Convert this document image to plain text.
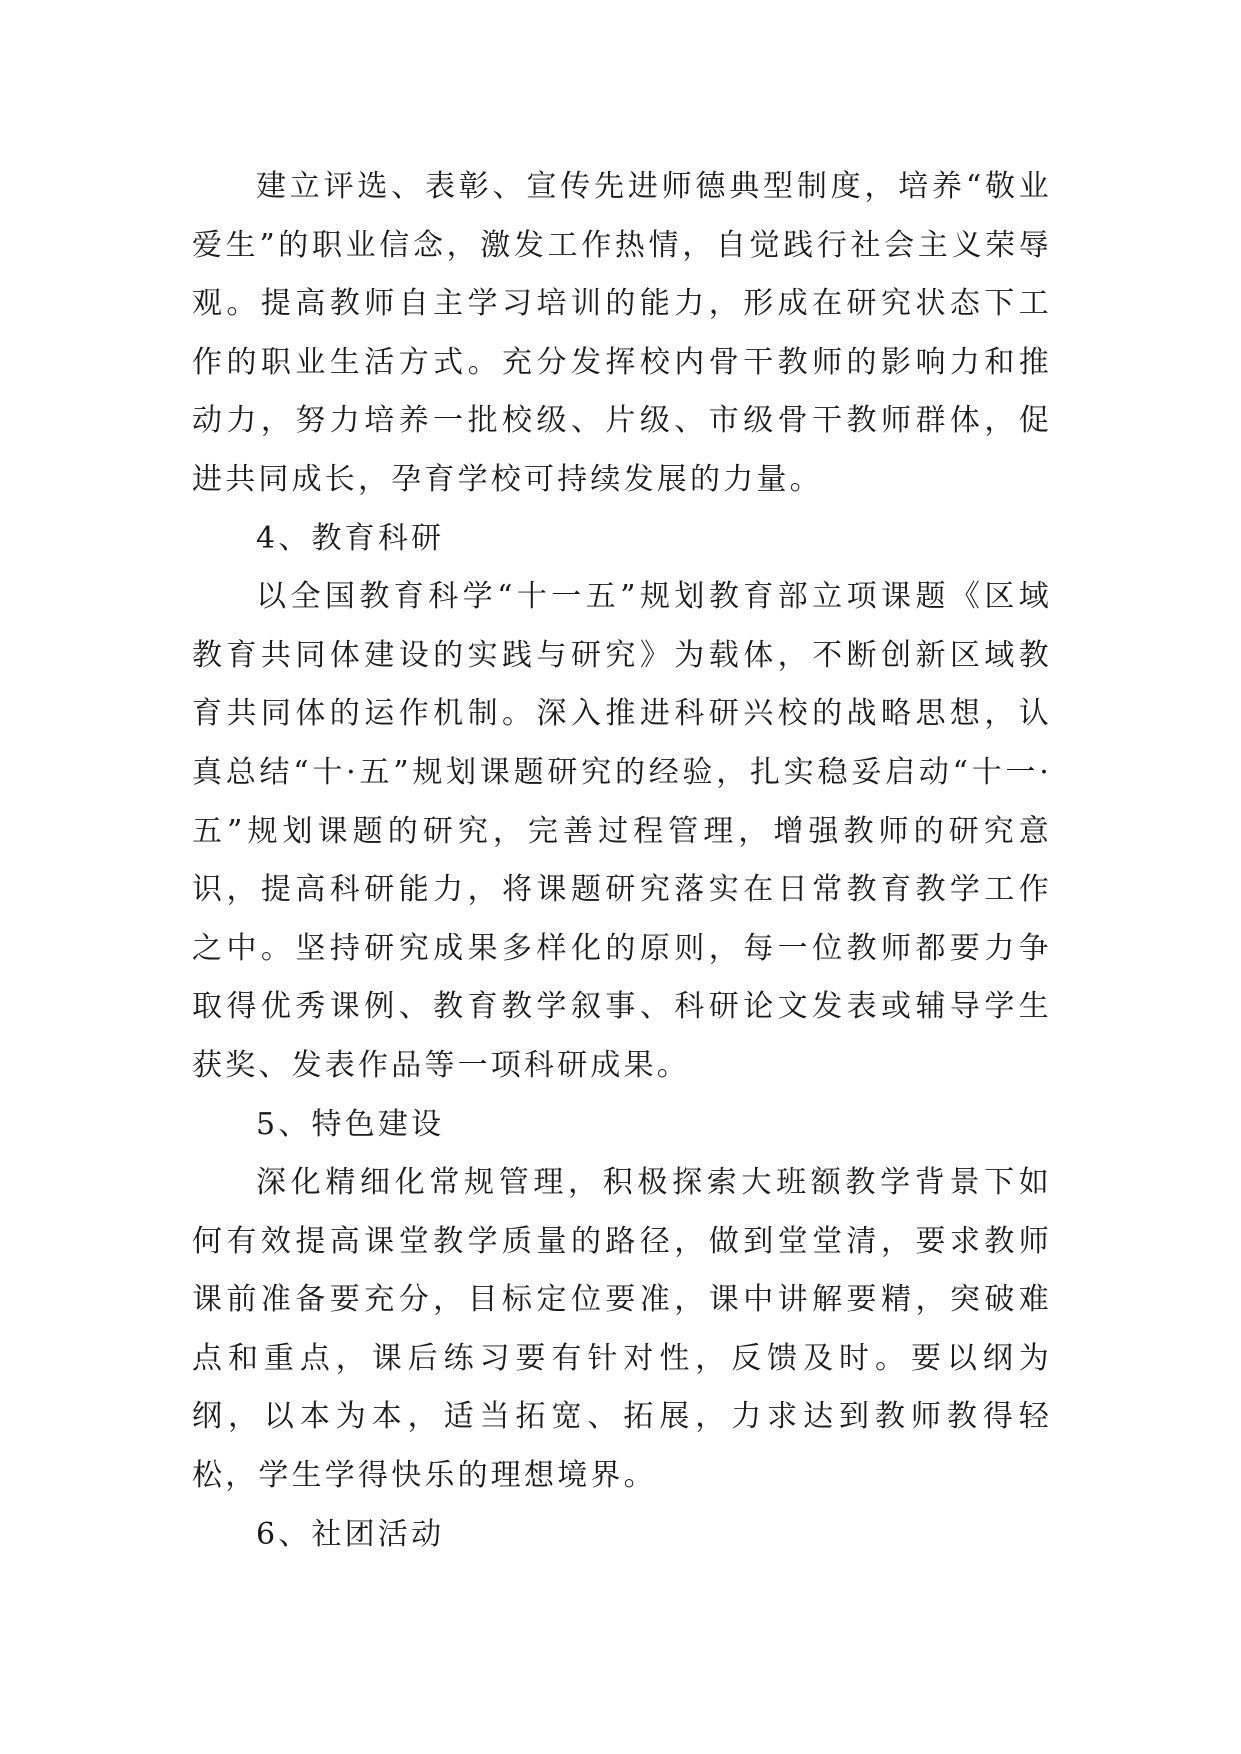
建立评选、表彰、宣传先进师德典型制度，培养“敬业爱生”的职业信念，激发工作热情，自觉践行社会主义荣辱观。提高教师自主学习培训的能力，形成在研究状态下工作的职业生活方式。充分发挥校内骨干教师的影响力和推动力，努力培养一批校级、片级、市级骨干教师群体，促进共同成长，孕育学校可持续发展的力量。

4、教育科研

以全国教育科学“十一五”规划教育部立项课题《区域教育共同体建设的实践与研究》为载体，不断创新区域教育共同体的运作机制。深入推进科研兴校的战略思想，认真总结“十·五”规划课题研究的经验，扎实稳妥启动“十一·五”规划课题的研究，完善过程管理，增强教师的研究意识，提高科研能力，将课题研究落实在日常教育教学工作之中。坚持研究成果多样化的原则，每一位教师都要力争取得优秀课例、教育教学叙事、科研论文发表或辅导学生获奖、发表作品等一项科研成果。

5、特色建设

深化精细化常规管理，积极探索大班额教学背景下如何有效提高课堂教学质量的路径，做到堂堂清，要求教师课前准备要充分，目标定位要准，课中讲解要精，突破难点和重点，课后练习要有针对性，反馈及时。要以纲为纲，以本为本，适当拓宽、拓展，力求达到教师教得轻松，学生学得快乐的理想境界。

6、社团活动
